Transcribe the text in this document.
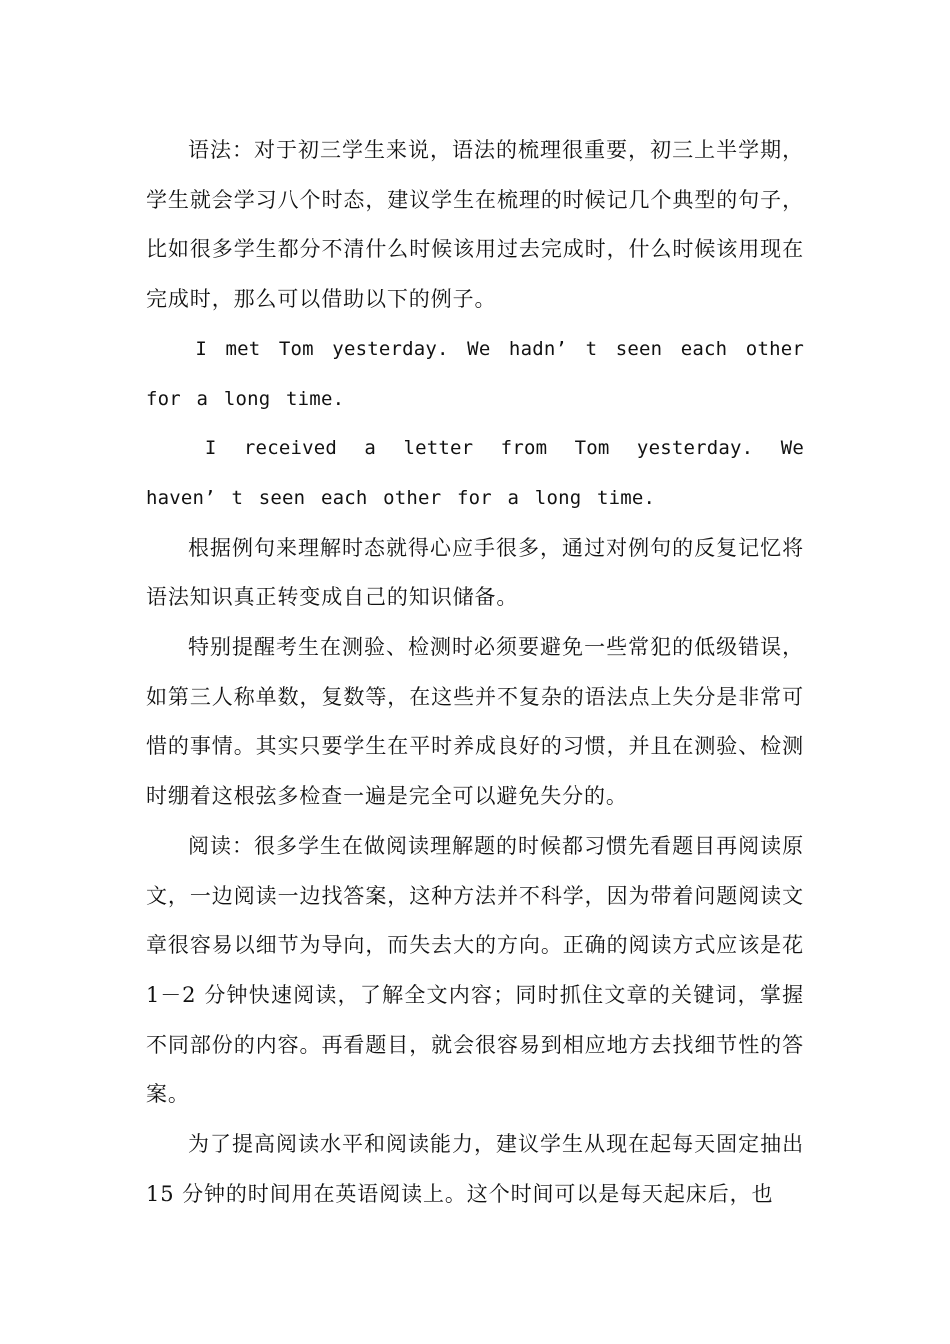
语法：对于初三学生来说，语法的梳理很重要，初三上半学期，学生就会学习八个时态，建议学生在梳理的时候记几个典型的句子，比如很多学生都分不清什么时候该用过去完成时，什么时候该用现在完成时，那么可以借助以下的例子。

I met Tom yesterday. We hadn’ t seen each other for a long time.

I received a letter from Tom yesterday. We haven’ t seen each other for a long time.

根据例句来理解时态就得心应手很多，通过对例句的反复记忆将语法知识真正转变成自己的知识储备。

特别提醒考生在测验、检测时必须要避免一些常犯的低级错误，如第三人称单数，复数等，在这些并不复杂的语法点上失分是非常可惜的事情。其实只要学生在平时养成良好的习惯，并且在测验、检测时绷着这根弦多检查一遍是完全可以避免失分的。

阅读：很多学生在做阅读理解题的时候都习惯先看题目再阅读原文，一边阅读一边找答案，这种方法并不科学，因为带着问题阅读文章很容易以细节为导向，而失去大的方向。正确的阅读方式应该是花 1－2 分钟快速阅读，了解全文内容；同时抓住文章的关键词，掌握不同部份的内容。再看题目，就会很容易到相应地方去找细节性的答案。

为了提高阅读水平和阅读能力，建议学生从现在起每天固定抽出 15 分钟的时间用在英语阅读上。这个时间可以是每天起床后，也
